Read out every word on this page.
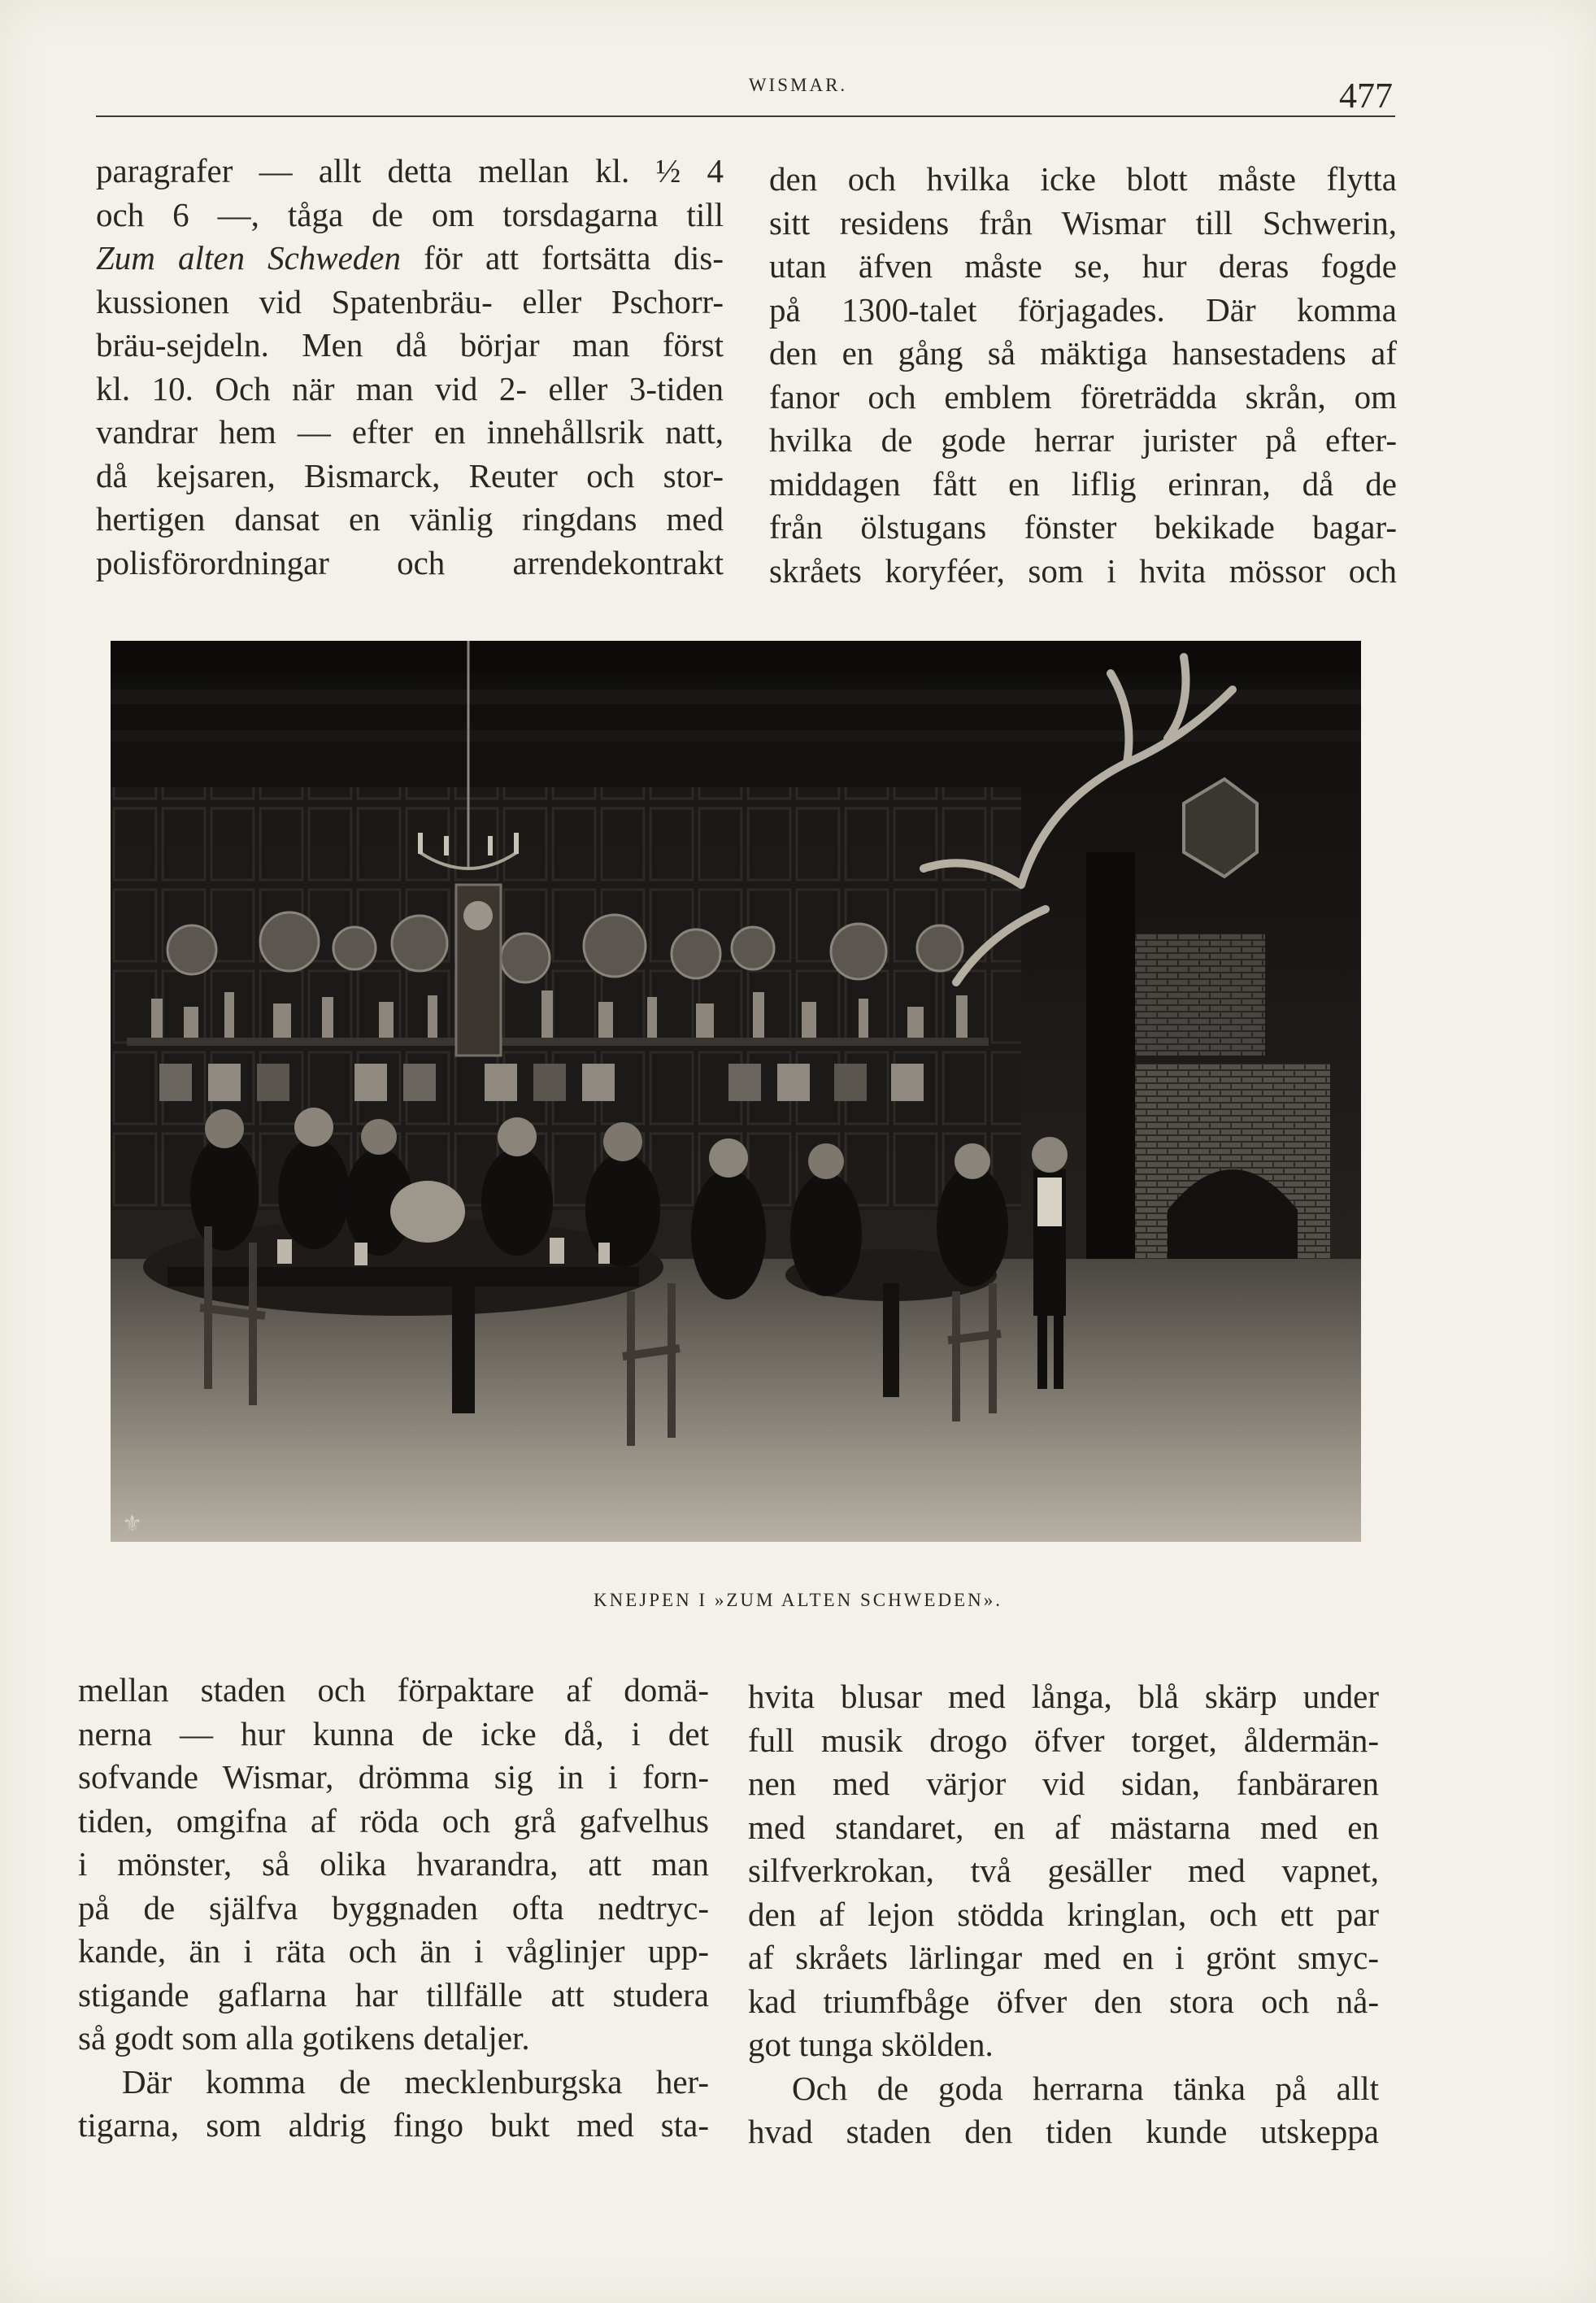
WISMAR.	477

paragrafer — allt detta mellan kl. ½ 4

och 6 —, tåga de om torsdagarna till

Zum alten Schweden för att fortsätta dis-

kussionen vid Spatenbräu- eller Pschorr-

bräu-sejdeln. Men då börjar man först

kl. 10. Och när man vid 2- eller 3-tiden

vandrar hem — efter en innehållsrik natt,

då kejsaren, Bismarck, Reuter och stor-

hertigen dansat en vänlig ringdans med

polisförordningar och arrendekontrakt

den och hvilka icke blott måste flytta

sitt residens från Wismar till Schwerin,

utan äfven måste se, hur deras fogde

på 1300-talet förjagades. Där komma

den en gång så mäktiga hansestadens af

fanor och emblem företrädda skrån, om

hvilka de gode herrar jurister på efter-

middagen fått en liflig erinran, då de

från ölstugans fönster bekikade bagar-

skråets koryféer, som i hvita mössor och

⚜
KNEJPEN I »ZUM ALTEN SCHWEDEN».

mellan staden och förpaktare af domä-

nerna — hur kunna de icke då, i det

sofvande Wismar, drömma sig in i forn-

tiden, omgifna af röda och grå gafvelhus

i mönster, så olika hvarandra, att man

på de själfva byggnaden ofta nedtryc-

kande, än i räta och än i våglinjer upp-

stigande gaflarna har tillfälle att studera

så godt som alla gotikens detaljer.

Där komma de mecklenburgska her-

tigarna, som aldrig fingo bukt med sta-

hvita blusar med långa, blå skärp under

full musik drogo öfver torget, åldermän-

nen med värjor vid sidan, fanbäraren

med standaret, en af mästarna med en

silfverkrokan, två gesäller med vapnet,

den af lejon stödda kringlan, och ett par

af skråets lärlingar med en i grönt smyc-

kad triumfbåge öfver den stora och nå-

got tunga skölden.

Och de goda herrarna tänka på allt

hvad staden den tiden kunde utskeppa
